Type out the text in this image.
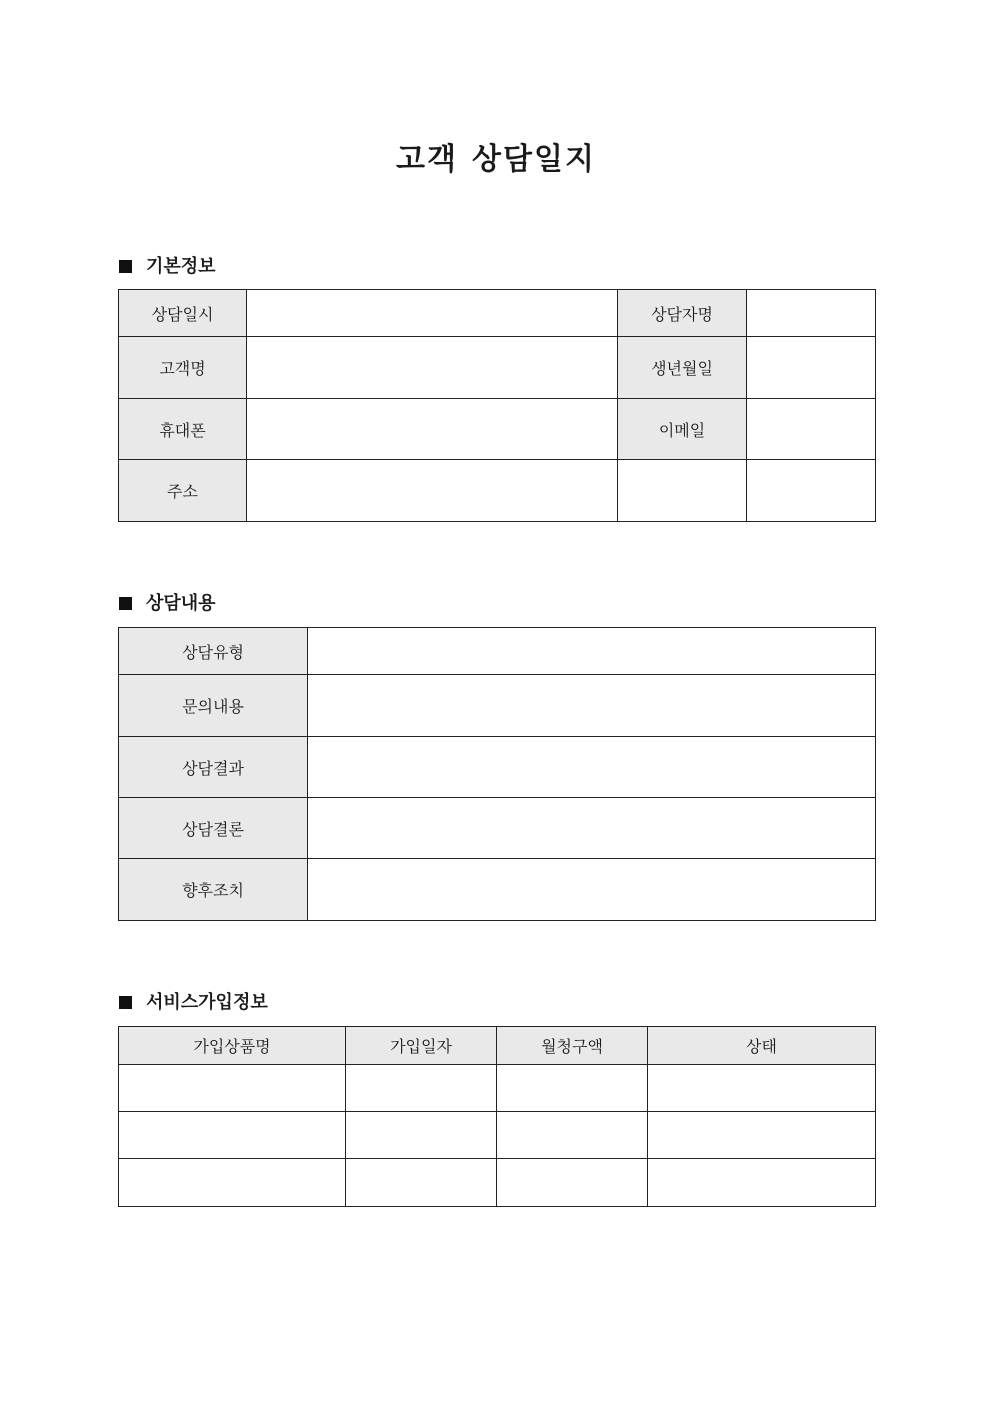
고객 상담일지
기본정보
상담일시		상담자명	
고객명		생년월일	
휴대폰		이메일	
주소			
상담내용
상담유형	
문의내용	
상담결과	
상담결론	
향후조치	
서비스가입정보
가입상품명	가입일자	월청구액	상태
